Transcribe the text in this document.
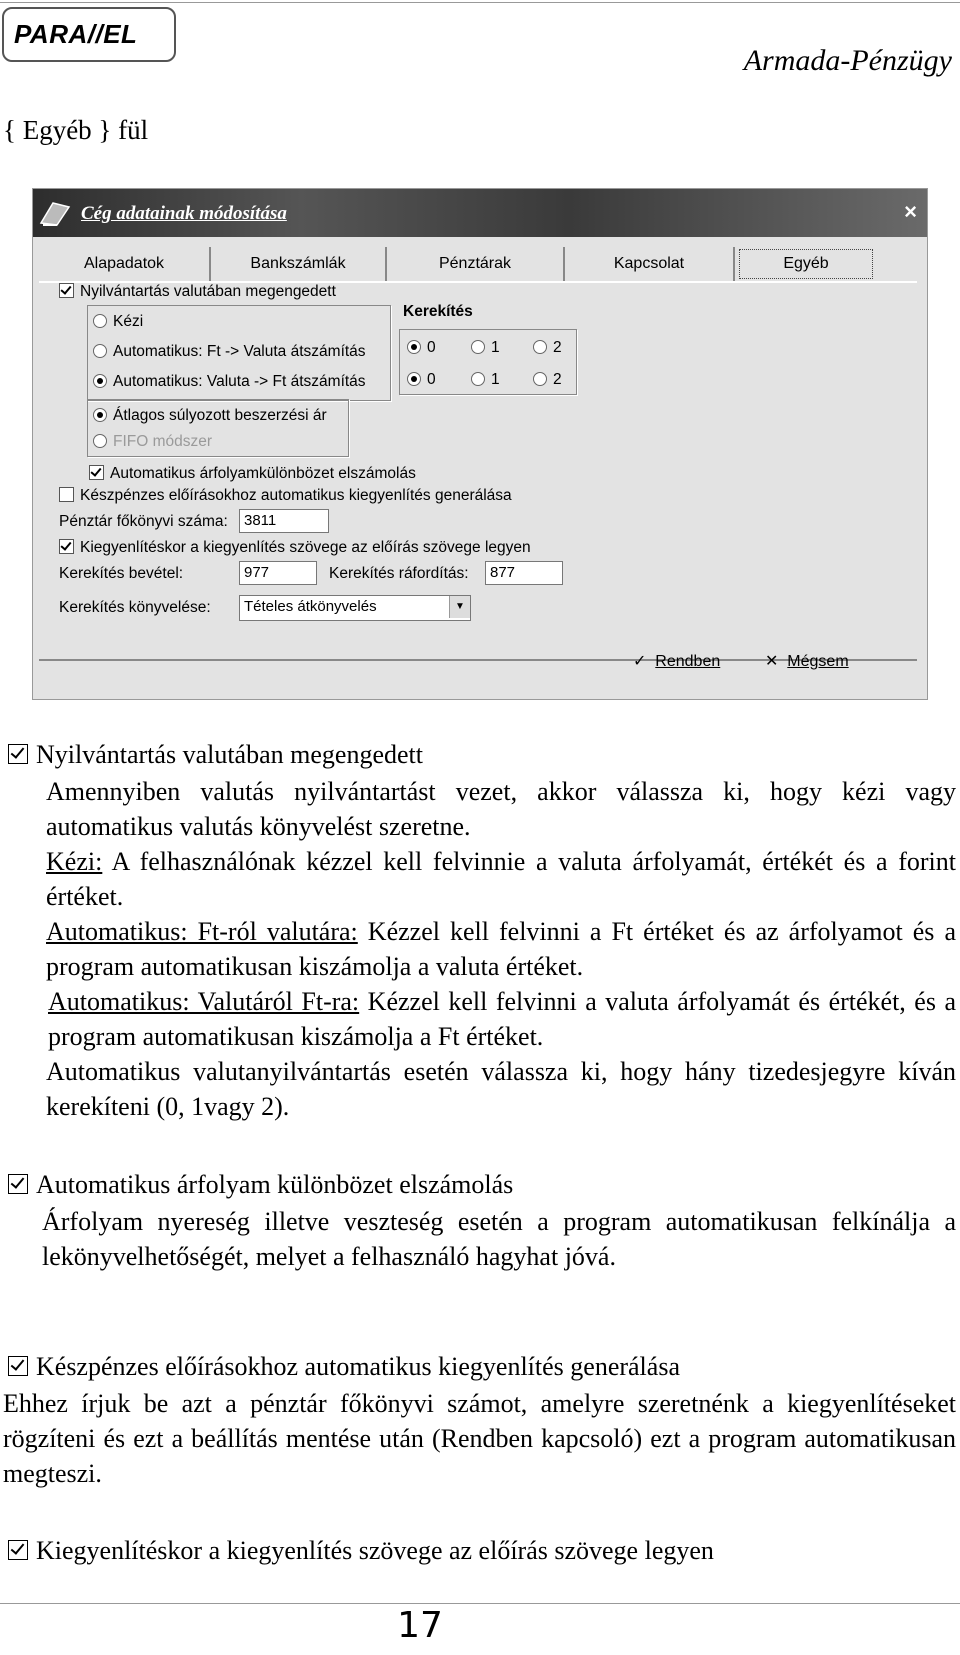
PARA//EL
Armada-Pénzügy
{ Egyéb } fül
Cég adatainak módosítása	×
Alapadatok	Bankszámlák	Pénztárak	Kapcsolat	Egyéb
Nyilvántartás valutában megengedett
Kézi
Automatikus: Ft -> Valuta átszámítás
Automatikus: Valuta -> Ft átszámítás
Kerekítés
0	1	2
0	1	2
Átlagos súlyozott beszerzési ár
FIFO módszer
Automatikus árfolyamkülönbözet elszámolás
Készpénzes előírásokhoz automatikus kiegyenlítés generálása
Pénztár főkönyvi száma:	3811
Kiegyenlítéskor a kiegyenlítés szövege az előírás szövege legyen
Kerekítés bevétel:	977	Kerekítés ráfordítás:	877
Kerekítés könyvelése:	Tételes átkönyvelés	▼
✓ Rendben	✕ Mégsem
Nyilvántartás valutában megengedett
Amennyiben valutás nyilvántartást vezet, akkor válassza ki, hogy kézi vagy automatikus valutás könyvelést szeretne.
Kézi: A felhasználónak kézzel kell felvinnie a valuta árfolyamát, értékét és a forint értéket.
Automatikus: Ft-ról valutára: Kézzel kell felvinni a Ft értéket és az árfolyamot és a program automatikusan kiszámolja a valuta értéket.
Automatikus: Valutáról Ft-ra: Kézzel kell felvinni a valuta árfolyamát és értékét, és a program automatikusan kiszámolja a Ft értéket.
Automatikus valutanyilvántartás esetén válassza ki, hogy hány tizedesjegyre kíván kerekíteni (0, 1vagy 2).
Automatikus árfolyam különbözet elszámolás
Árfolyam nyereség illetve veszteség esetén a program automatikusan felkínálja a lekönyvelhetőségét, melyet a felhasználó hagyhat jóvá.
Készpénzes előírásokhoz automatikus kiegyenlítés generálása
Ehhez írjuk be azt a pénztár főkönyvi számot, amelyre szeretnénk a kiegyenlítéseket rögzíteni és ezt a beállítás mentése után (Rendben kapcsoló) ezt a program automatikusan megteszi.
Kiegyenlítéskor a kiegyenlítés szövege az előírás szövege legyen
17
